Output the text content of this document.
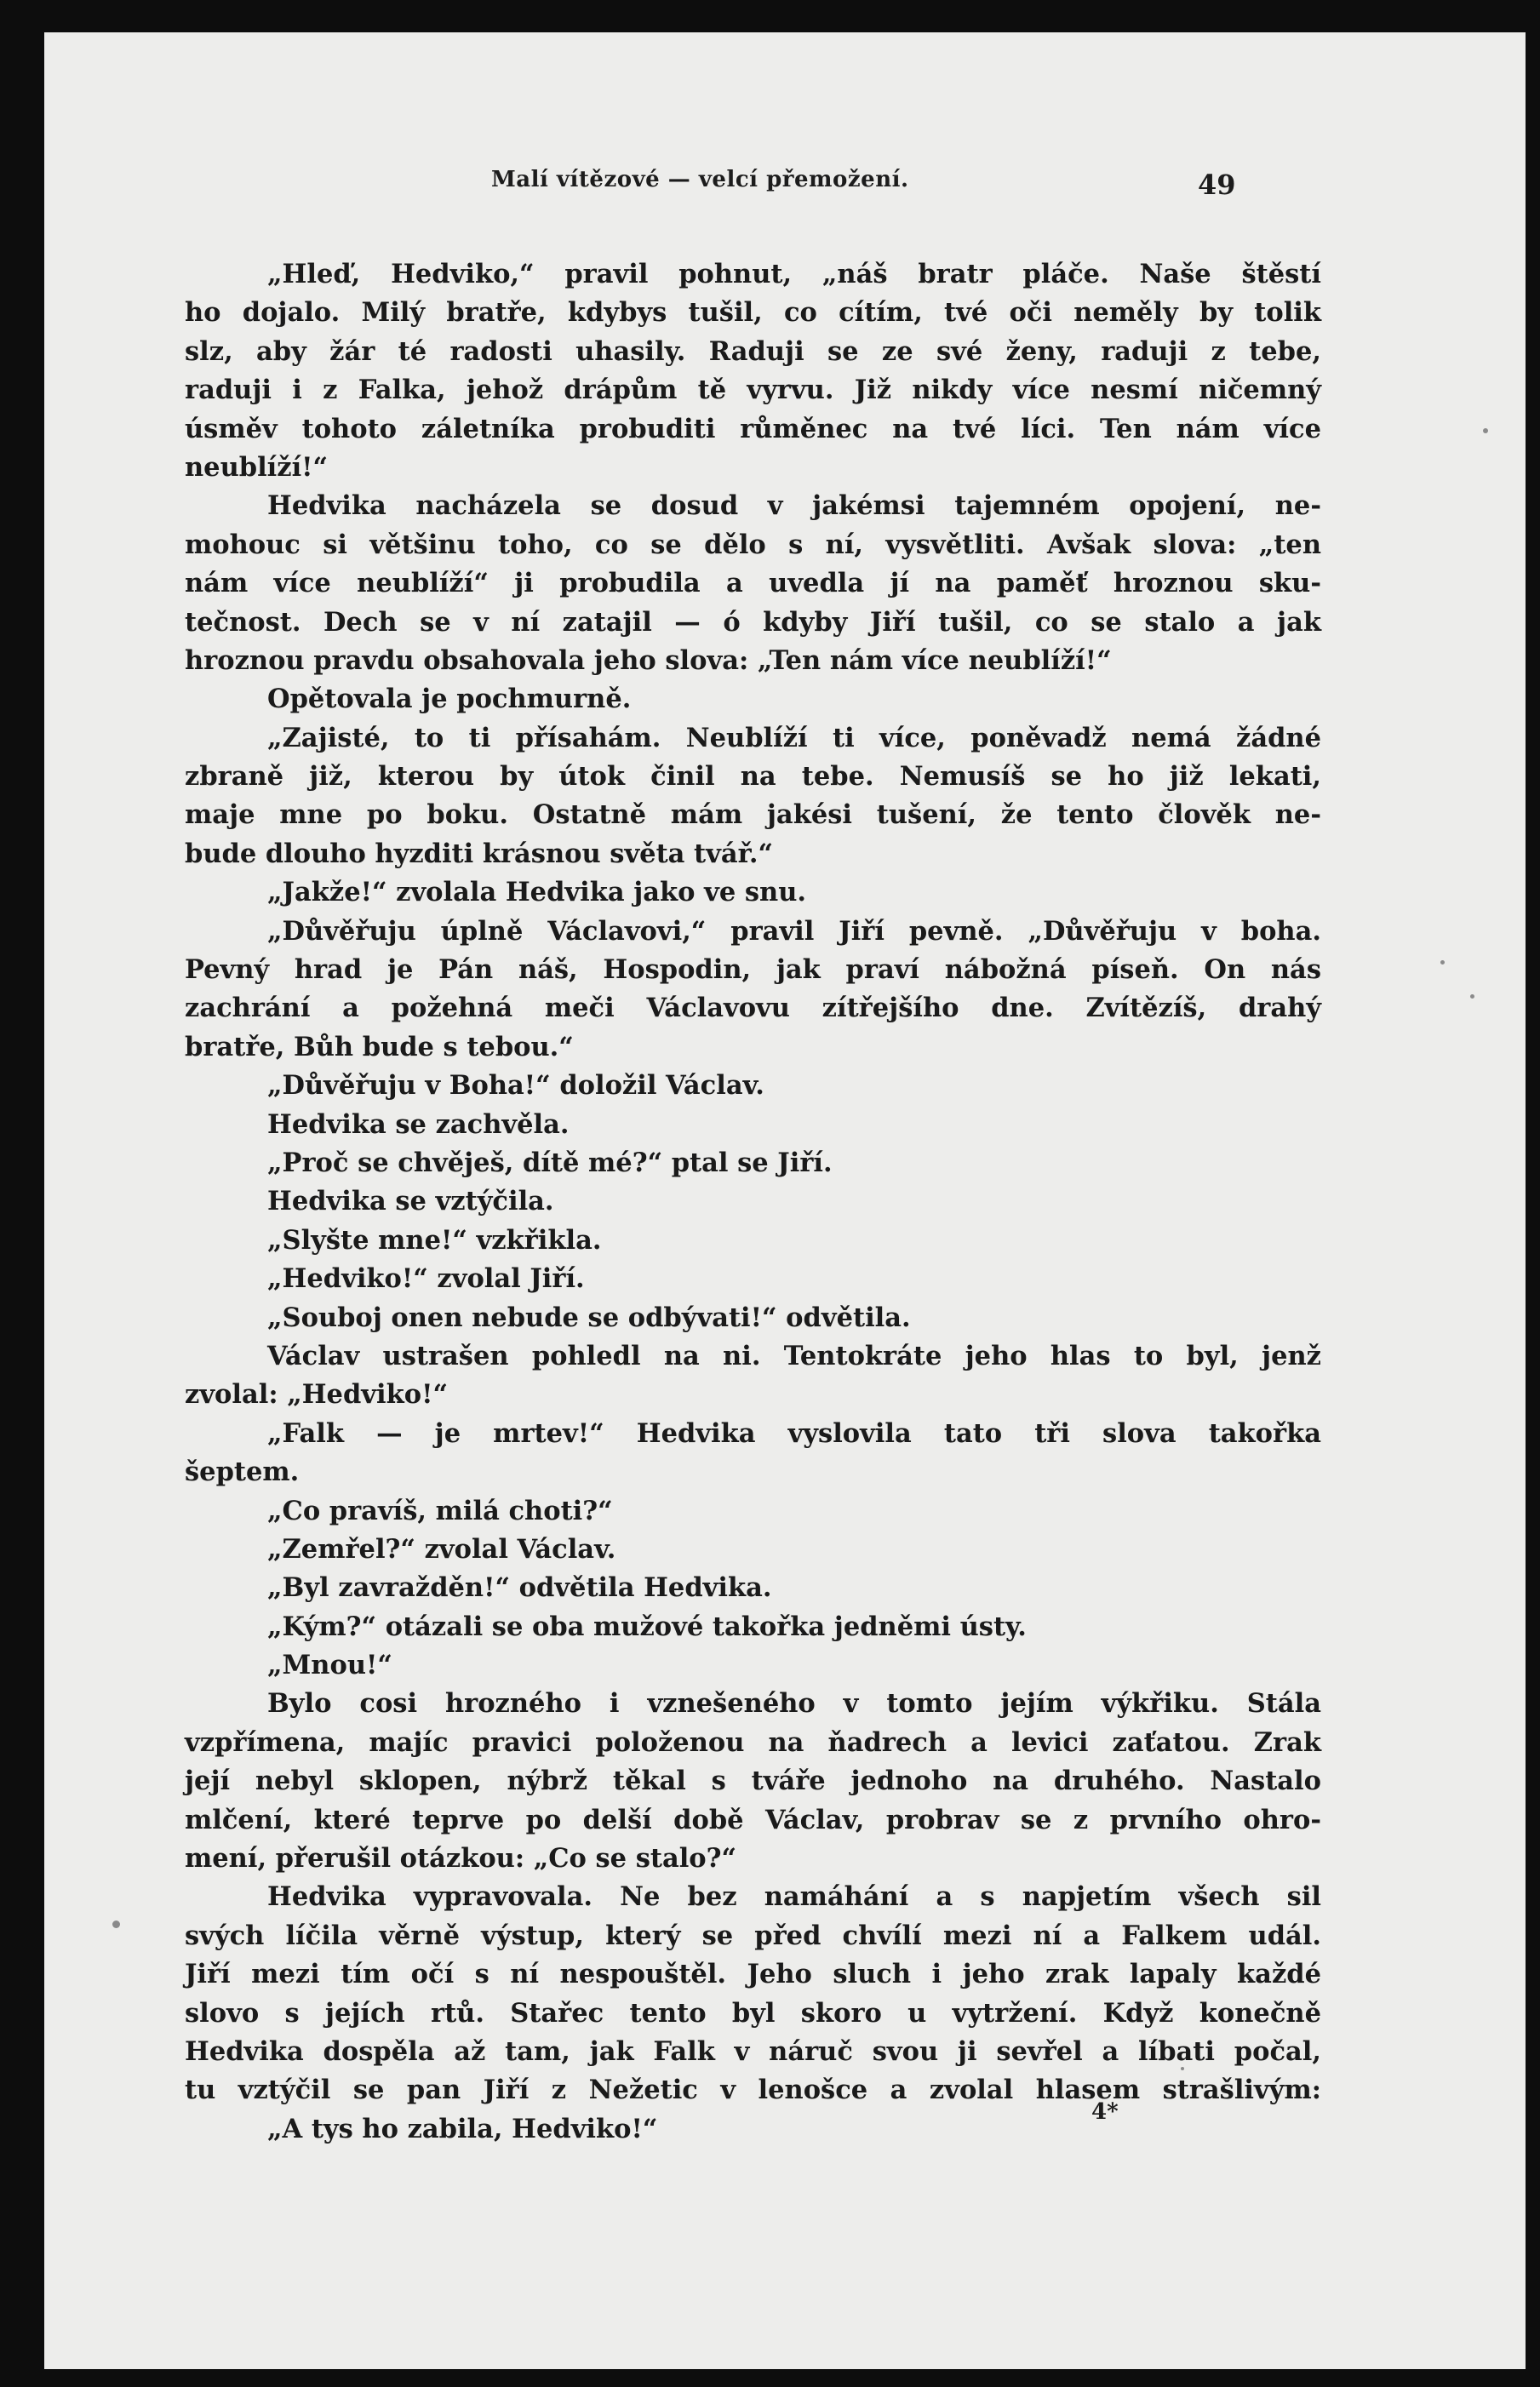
Malí vítězové — velcí přemožení.	49
„Hleď, Hedviko,“ pravil pohnut, „náš bratr pláče. Naše štěstí
ho dojalo. Milý bratře, kdybys tušil, co cítím, tvé oči neměly by tolik
slz, aby žár té radosti uhasily. Raduji se ze své ženy, raduji z tebe,
raduji i z Falka, jehož drápům tě vyrvu. Již nikdy více nesmí ničemný
úsměv tohoto záletníka probuditi růměnec na tvé líci. Ten nám více
neublíží!“
Hedvika nacházela se dosud v jakémsi tajemném opojení, ne-
mohouc si většinu toho, co se dělo s ní, vysvětliti. Avšak slova: „ten
nám více neublíží“ ji probudila a uvedla jí na paměť hroznou sku-
tečnost. Dech se v ní zatajil — ó kdyby Jiří tušil, co se stalo a jak
hroznou pravdu obsahovala jeho slova: „Ten nám více neublíží!“
Opětovala je pochmurně.
„Zajisté, to ti přísahám. Neublíží ti více, poněvadž nemá žádné
zbraně již, kterou by útok činil na tebe. Nemusíš se ho již lekati,
maje mne po boku. Ostatně mám jakési tušení, že tento člověk ne-
bude dlouho hyzditi krásnou světa tvář.“
„Jakže!“ zvolala Hedvika jako ve snu.
„Důvěřuju úplně Václavovi,“ pravil Jiří pevně. „Důvěřuju v boha.
Pevný hrad je Pán náš, Hospodin, jak praví nábožná píseň. On nás
zachrání a požehná meči Václavovu zítřejšího dne. Zvítězíš, drahý
bratře, Bůh bude s tebou.“
„Důvěřuju v Boha!“ doložil Václav.
Hedvika se zachvěla.
„Proč se chvěješ, dítě mé?“ ptal se Jiří.
Hedvika se vztýčila.
„Slyšte mne!“ vzkřikla.
„Hedviko!“ zvolal Jiří.
„Souboj onen nebude se odbývati!“ odvětila.
Václav ustrašen pohledl na ni. Tentokráte jeho hlas to byl, jenž
zvolal: „Hedviko!“
„Falk — je mrtev!“ Hedvika vyslovila tato tři slova takořka
šeptem.
„Co pravíš, milá choti?“
„Zemřel?“ zvolal Václav.
„Byl zavražděn!“ odvětila Hedvika.
„Kým?“ otázali se oba mužové takořka jedněmi ústy.
„Mnou!“
Bylo cosi hrozného i vznešeného v tomto jejím výkřiku. Stála
vzpřímena, majíc pravici položenou na ňadrech a levici zaťatou. Zrak
její nebyl sklopen, nýbrž těkal s tváře jednoho na druhého. Nastalo
mlčení, které teprve po delší době Václav, probrav se z prvního ohro-
mení, přerušil otázkou: „Co se stalo?“
Hedvika vypravovala. Ne bez namáhání a s napjetím všech sil
svých líčila věrně výstup, který se před chvílí mezi ní a Falkem udál.
Jiří mezi tím očí s ní nespouštěl. Jeho sluch i jeho zrak lapaly každé
slovo s jejích rtů. Stařec tento byl skoro u vytržení. Když konečně
Hedvika dospěla až tam, jak Falk v náruč svou ji sevřel a líbati počal,
tu vztýčil se pan Jiří z Nežetic v lenošce a zvolal hlasem strašlivým:
„A tys ho zabila, Hedviko!“
4*
